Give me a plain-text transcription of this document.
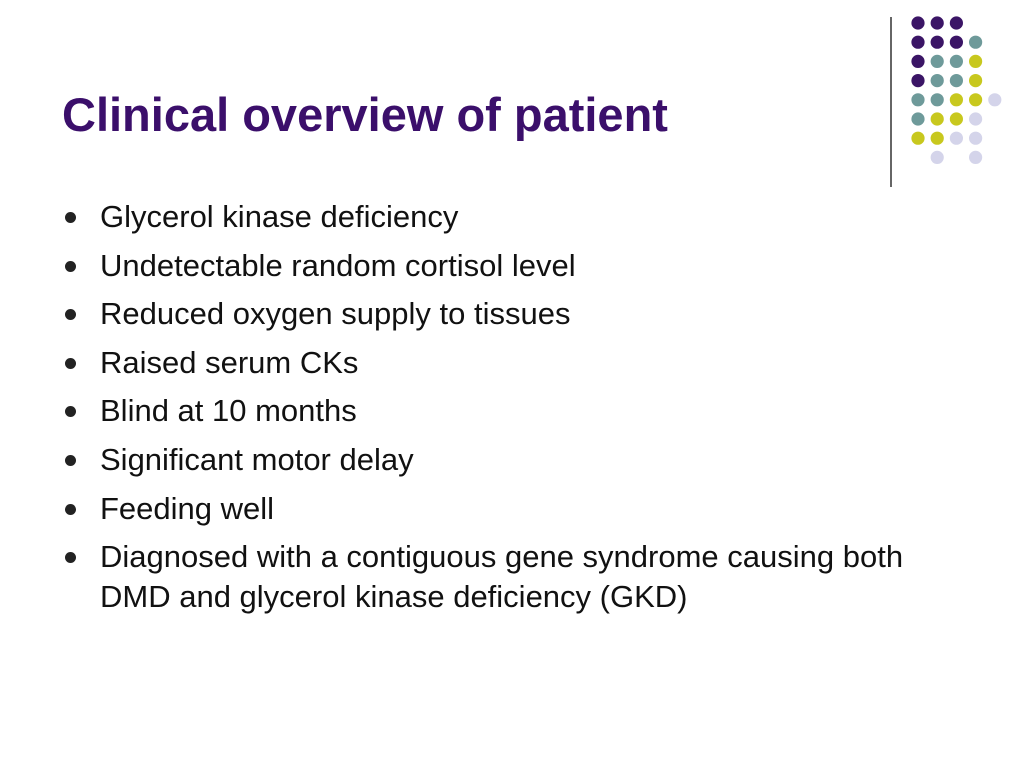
Clinical overview of patient
Glycerol kinase deficiency
Undetectable random cortisol level
Reduced oxygen supply to tissues
Raised serum CKs
Blind at 10 months
Significant motor delay
Feeding well
Diagnosed with a contiguous gene syndrome causing both DMD and glycerol kinase deficiency (GKD)
